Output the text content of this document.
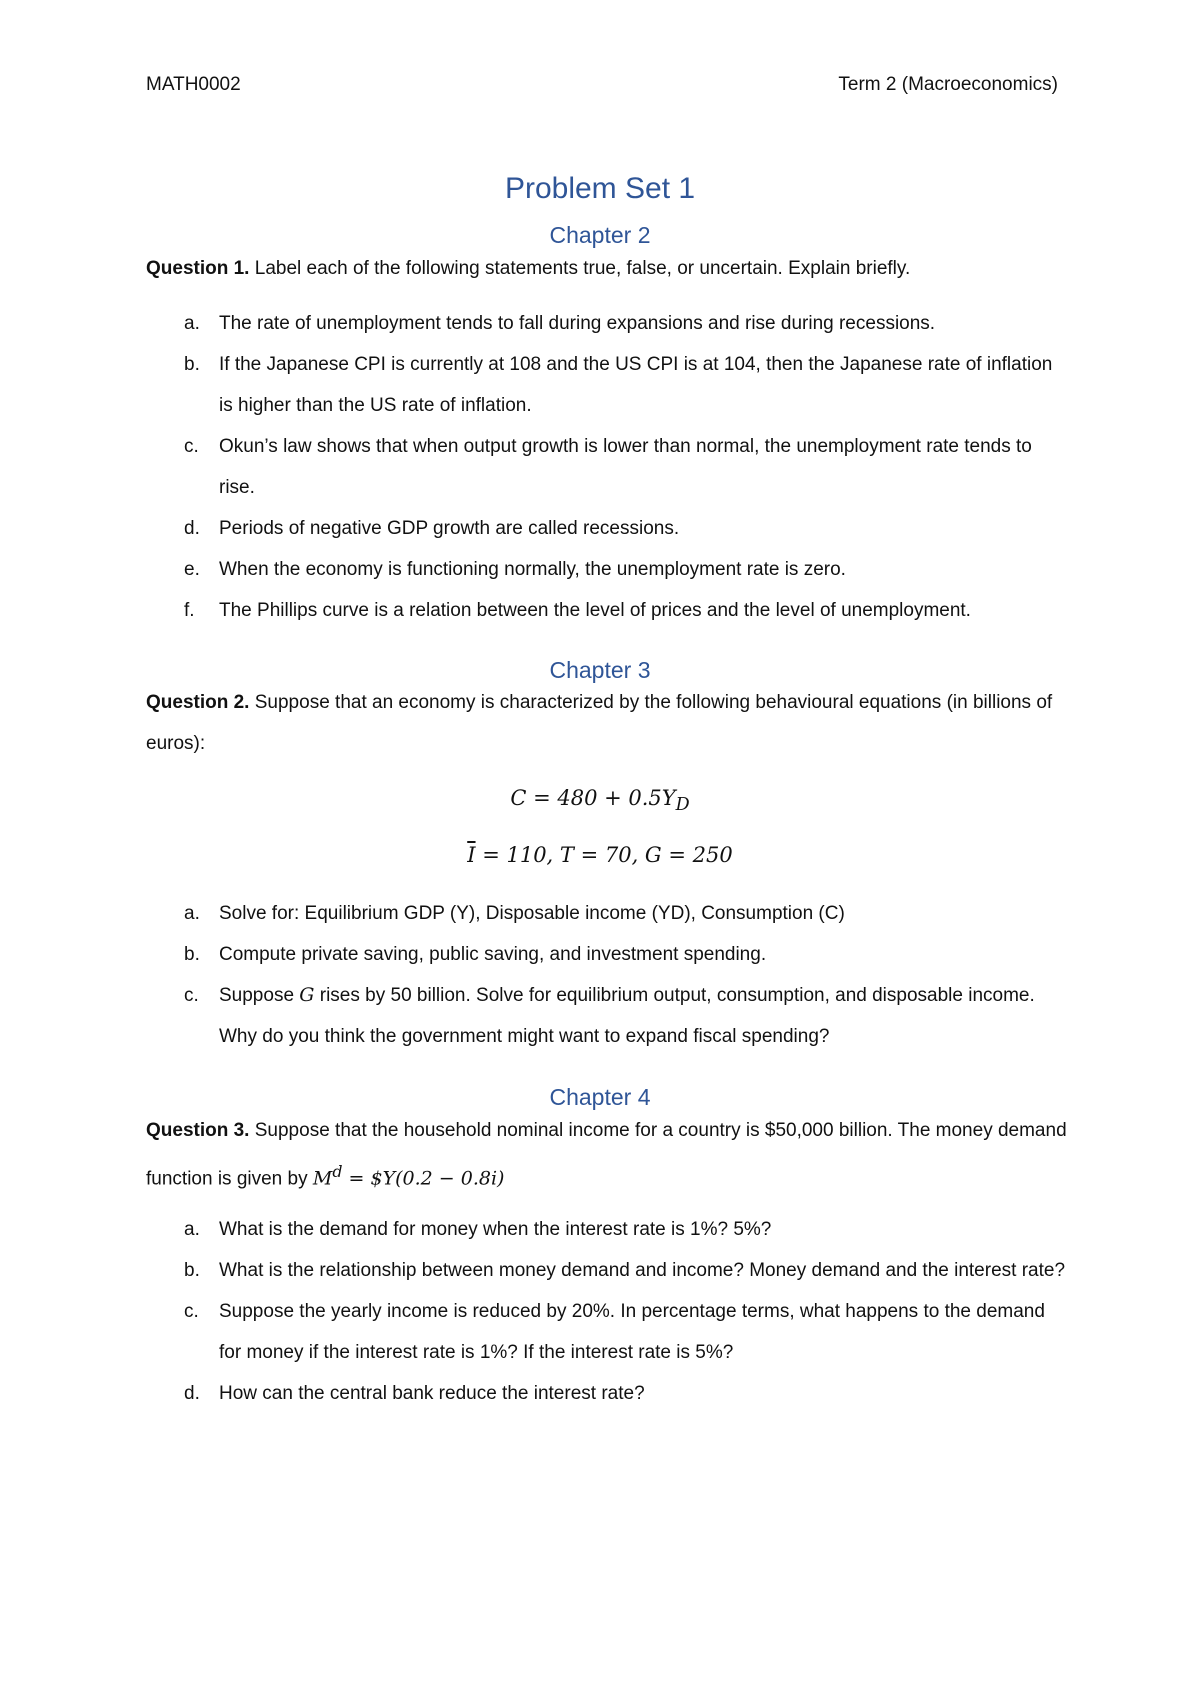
MATH0002	Term 2 (Macroeconomics)
Problem Set 1
Chapter 2
Question 1. Label each of the following statements true, false, or uncertain. Explain briefly.
a. The rate of unemployment tends to fall during expansions and rise during recessions.
b. If the Japanese CPI is currently at 108 and the US CPI is at 104, then the Japanese rate of inflation is higher than the US rate of inflation.
c. Okun’s law shows that when output growth is lower than normal, the unemployment rate tends to rise.
d. Periods of negative GDP growth are called recessions.
e. When the economy is functioning normally, the unemployment rate is zero.
f. The Phillips curve is a relation between the level of prices and the level of unemployment.
Chapter 3
Question 2. Suppose that an economy is characterized by the following behavioural equations (in billions of euros):
$C = 480 + 0.5Y_D$
$\overline{I} = 110$, T = 70, G = 250
a. Solve for: Equilibrium GDP (Y), Disposable income (YD), Consumption (C)
b. Compute private saving, public saving, and investment spending.
c. Suppose G rises by 50 billion. Solve for equilibrium output, consumption, and disposable income. Why do you think the government might want to expand fiscal spending?
Chapter 4
Question 3. Suppose that the household nominal income for a country is $50,000 billion. The money demand function is given by $M^d$ = $Y(0.2 − 0.8i)
a. What is the demand for money when the interest rate is 1%? 5%?
b. What is the relationship between money demand and income? Money demand and the interest rate?
c. Suppose the yearly income is reduced by 20%. In percentage terms, what happens to the demand for money if the interest rate is 1%? If the interest rate is 5%?
d. How can the central bank reduce the interest rate?
